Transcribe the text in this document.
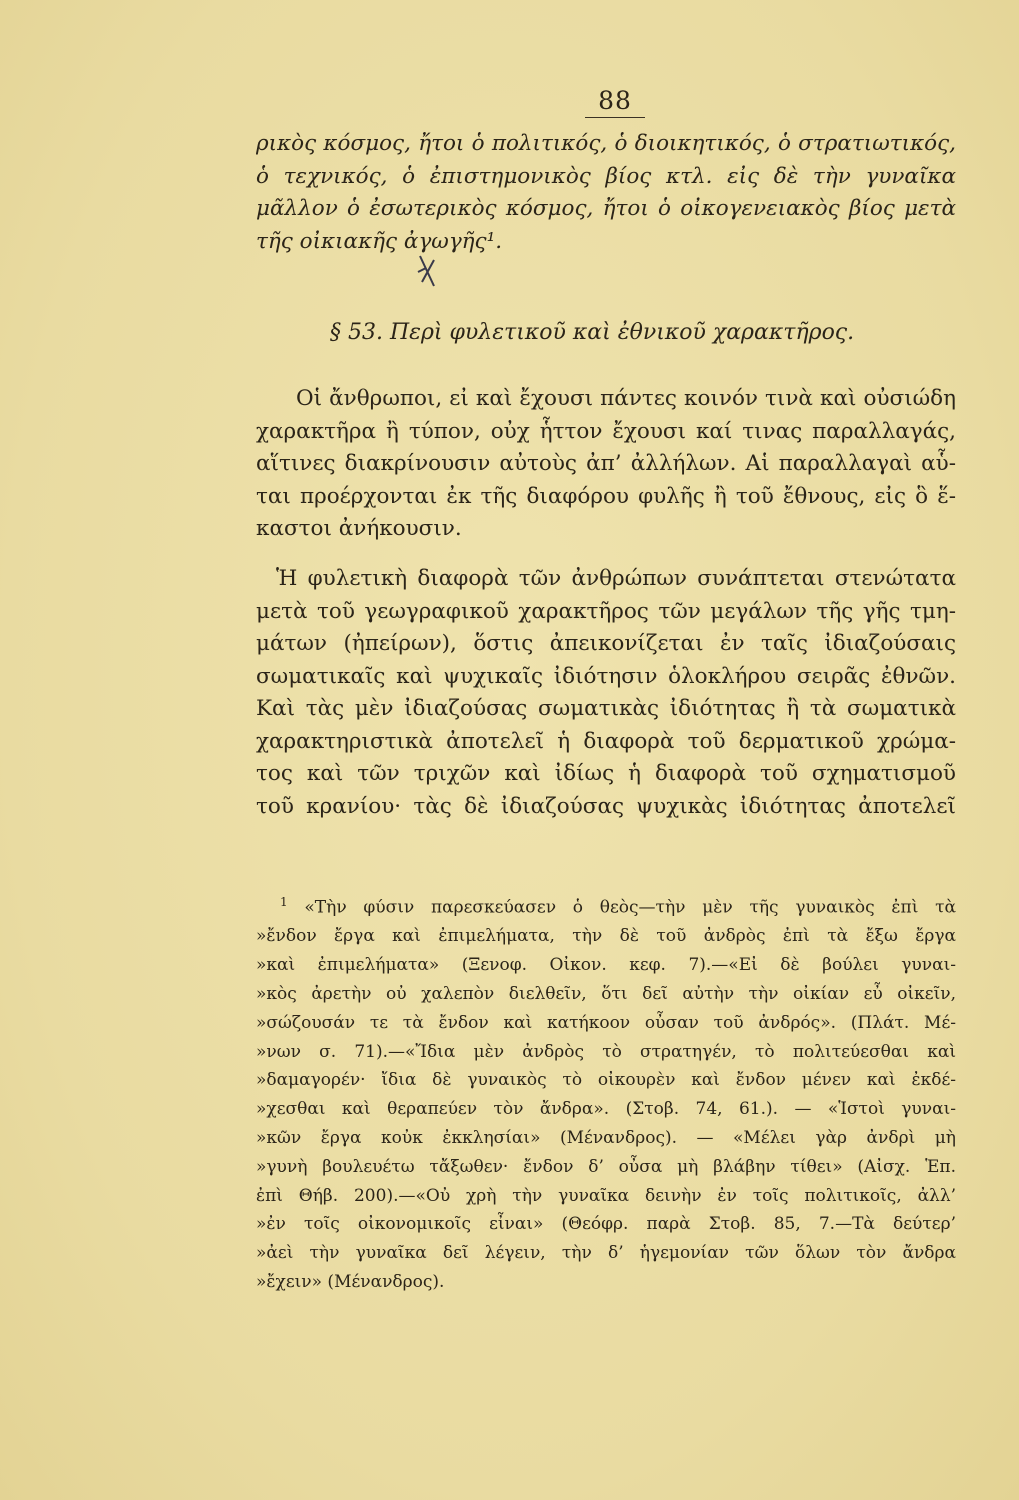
88
ρικὸς κόσμος, ἤτοι ὁ πολιτικός, ὁ διοικητικός, ὁ στρατιωτικός,
ὁ τεχνικός, ὁ ἐπιστημονικὸς βίος κτλ. εἰς δὲ τὴν γυναῖκα
μᾶλλον ὁ ἐσωτερικὸς κόσμος, ἤτοι ὁ οἰκογενειακὸς βίος μετὰ
τῆς οἰκιακῆς ἀγωγῆς¹.
§ 53. Περὶ φυλετικοῦ καὶ ἐθνικοῦ χαρακτῆρος.
Οἱ ἄνθρωποι, εἰ καὶ ἔχουσι πάντες κοινόν τινὰ καὶ οὐσιώδη
χαρακτῆρα ἢ τύπον, οὐχ ἧττον ἔχουσι καί τινας παραλλαγάς,
αἵτινες διακρίνουσιν αὐτοὺς ἀπ’ ἀλλήλων. Αἱ παραλλαγαὶ αὗ-
ται προέρχονται ἐκ τῆς διαφόρου φυλῆς ἢ τοῦ ἔθνους, εἰς ὃ ἕ-
καστοι ἀνήκουσιν.
Ἡ φυλετικὴ διαφορὰ τῶν ἀνθρώπων συνάπτεται στενώτατα
μετὰ τοῦ γεωγραφικοῦ χαρακτῆρος τῶν μεγάλων τῆς γῆς τμη-
μάτων (ἠπείρων), ὅστις ἀπεικονίζεται ἐν ταῖς ἰδιαζούσαις
σωματικαῖς καὶ ψυχικαῖς ἰδιότησιν ὁλοκλήρου σειρᾶς ἐθνῶν.
Καὶ τὰς μὲν ἰδιαζούσας σωματικὰς ἰδιότητας ἢ τὰ σωματικὰ
χαρακτηριστικὰ ἀποτελεῖ ἡ διαφορὰ τοῦ δερματικοῦ χρώμα-
τος καὶ τῶν τριχῶν καὶ ἰδίως ἡ διαφορὰ τοῦ σχηματισμοῦ
τοῦ κρανίου· τὰς δὲ ἰδιαζούσας ψυχικὰς ἰδιότητας ἀποτελεῖ
$^1$ «Τὴν φύσιν παρεσκεύασεν ὁ θεὸς—τὴν μὲν τῆς γυναικὸς ἐπὶ τὰ
»ἔνδον ἔργα καὶ ἐπιμελήματα, τὴν δὲ τοῦ ἀνδρὸς ἐπὶ τὰ ἔξω ἔργα
»καὶ ἐπιμελήματα» (Ξενοφ. Οἰκον. κεφ. 7).—«Εἰ δὲ βούλει γυναι-
»κὸς ἀρετὴν οὐ χαλεπὸν διελθεῖν, ὅτι δεῖ αὐτὴν τὴν οἰκίαν εὖ οἰκεῖν,
»σώζουσάν τε τὰ ἔνδον καὶ κατήκοον οὖσαν τοῦ ἀνδρός». (Πλάτ. Μέ-
»νων σ. 71).—«Ἴδια μὲν ἀνδρὸς τὸ στρατηγέν, τὸ πολιτεύεσθαι καὶ
»δαμαγορέν· ἴδια δὲ γυναικὸς τὸ οἰκουρὲν καὶ ἔνδον μένεν καὶ ἐκδέ-
»χεσθαι καὶ θεραπεύεν τὸν ἄνδρα». (Στοβ. 74, 61.). — «Ἱστοὶ γυναι-
»κῶν ἔργα κοὐκ ἐκκλησίαι» (Μένανδρος). — «Μέλει γὰρ ἀνδρὶ μὴ
»γυνὴ βουλευέτω τἄξωθεν· ἔνδον δ’ οὖσα μὴ βλάβην τίθει» (Αἰσχ. Ἑπ.
ἐπὶ Θήβ. 200).—«Οὐ χρὴ τὴν γυναῖκα δεινὴν ἐν τοῖς πολιτικοῖς, ἀλλ’
»ἐν τοῖς οἰκονομικοῖς εἶναι» (Θεόφρ. παρὰ Στοβ. 85, 7.—Τὰ δεύτερ’
»ἀεὶ τὴν γυναῖκα δεῖ λέγειν, τὴν δ’ ἡγεμονίαν τῶν ὅλων τὸν ἄνδρα
»ἔχειν» (Μένανδρος).
